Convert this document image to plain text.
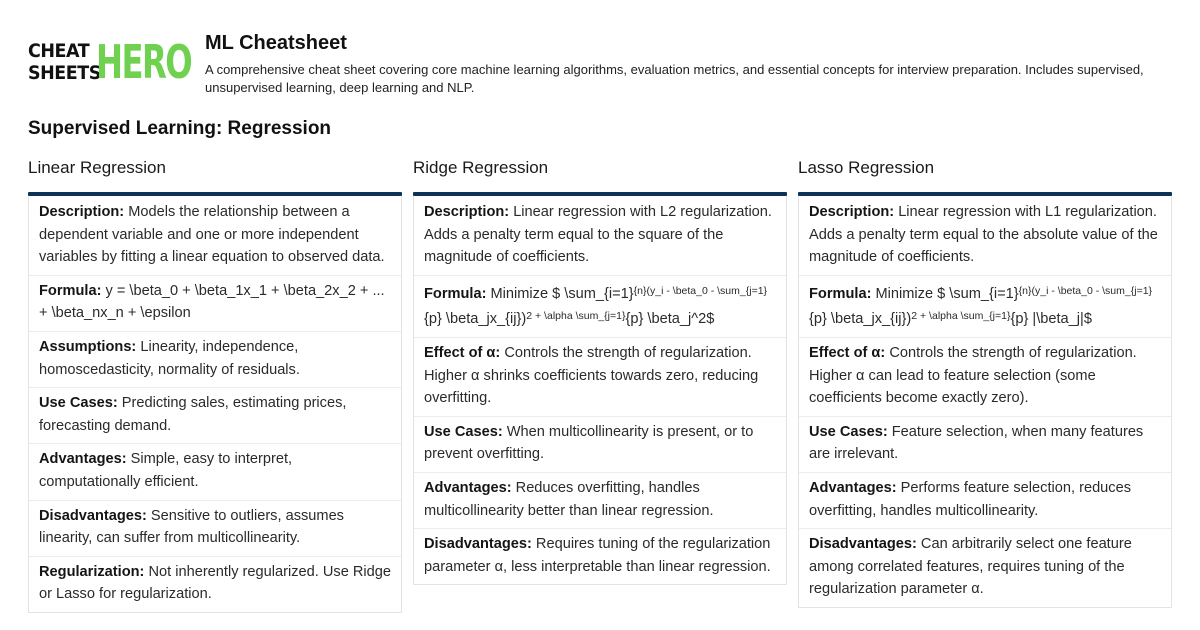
CHEAT
SHEETS
HERO ML Cheatsheet
A comprehensive cheat sheet covering core machine learning algorithms, evaluation metrics, and essential concepts for interview preparation. Includes supervised, unsupervised learning, deep learning and NLP.
Supervised Learning: Regression
Linear Regression
Description: Models the relationship between a dependent variable and one or more independent variables by fitting a linear equation to observed data.
Formula: y = \beta_0 + \beta_1x_1 + \beta_2x_2 + ... + \beta_nx_n + \epsilon
Assumptions: Linearity, independence, homoscedasticity, normality of residuals.
Use Cases: Predicting sales, estimating prices, forecasting demand.
Advantages: Simple, easy to interpret, computationally efficient.
Disadvantages: Sensitive to outliers, assumes linearity, can suffer from multicollinearity.
Regularization: Not inherently regularized. Use Ridge or Lasso for regularization.
Ridge Regression
Description: Linear regression with L2 regularization. Adds a penalty term equal to the square of the magnitude of coefficients.
Formula: Minimize $ \sum_{i=1}$^{\{n\}(y\_i - \backslash beta\_0 - \backslash sum\_\{j=1\}}${p} \beta_jx_{ij})$^{2 + \backslash alpha \backslash sum\_\{j=1\}}${p} \beta_j^2$
Effect of α: Controls the strength of regularization. Higher α shrinks coefficients towards zero, reducing overfitting.
Use Cases: When multicollinearity is present, or to prevent overfitting.
Advantages: Reduces overfitting, handles multicollinearity better than linear regression.
Disadvantages: Requires tuning of the regularization parameter α, less interpretable than linear regression.
Lasso Regression
Description: Linear regression with L1 regularization. Adds a penalty term equal to the absolute value of the magnitude of coefficients.
Formula: Minimize $ \sum_{i=1}$^{\{n\}(y\_i - \backslash beta\_0 - \backslash sum\_\{j=1\}}${p} \beta_jx_{ij})$^{2 + \backslash alpha \backslash sum\_\{j=1\}}${p} |\beta_j|$
Effect of α: Controls the strength of regularization. Higher α can lead to feature selection (some coefficients become exactly zero).
Use Cases: Feature selection, when many features are irrelevant.
Advantages: Performs feature selection, reduces overfitting, handles multicollinearity.
Disadvantages: Can arbitrarily select one feature among correlated features, requires tuning of the regularization parameter α.
